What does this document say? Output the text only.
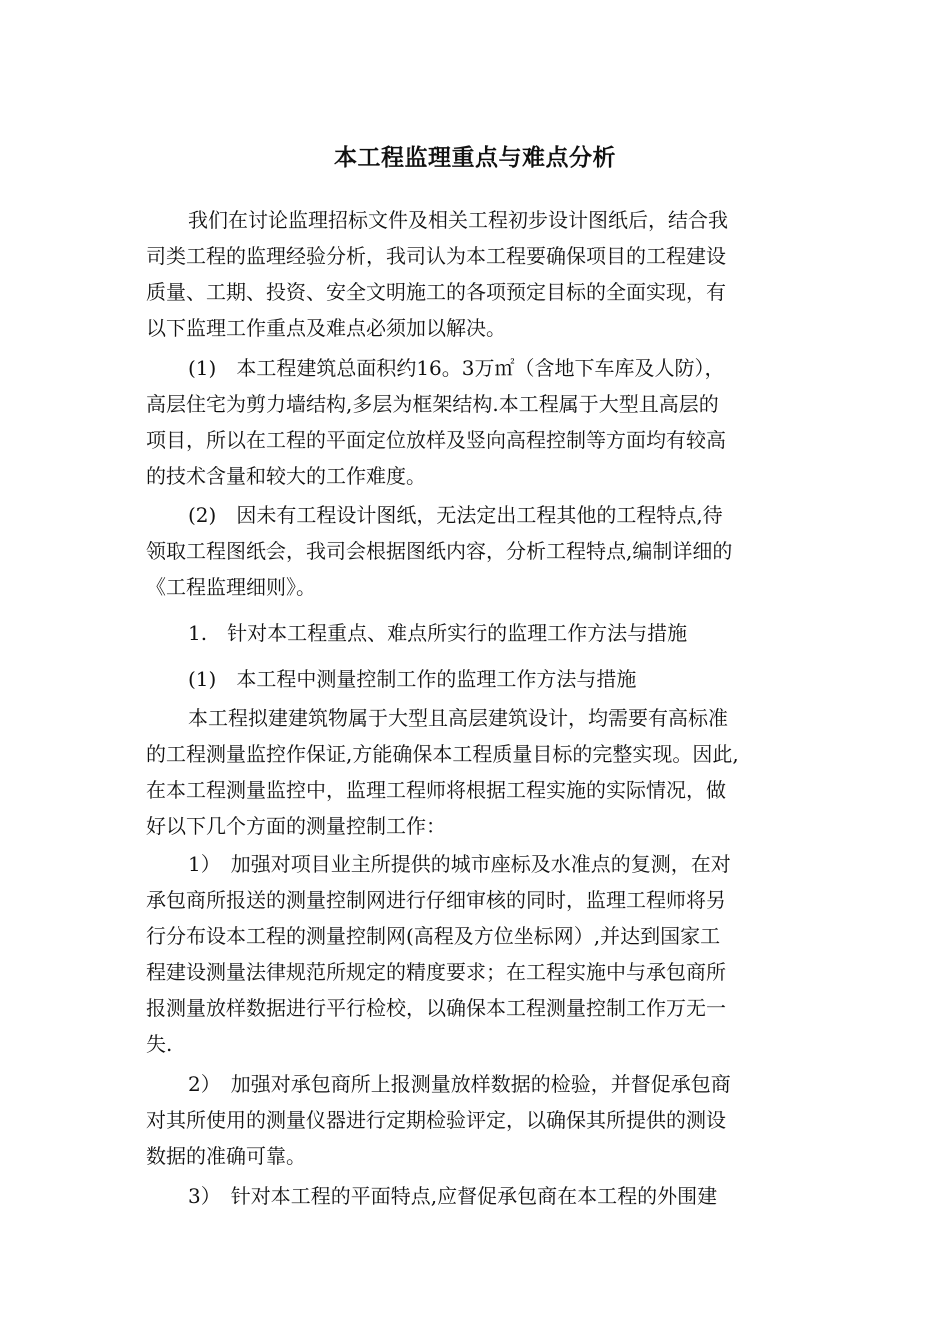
本工程监理重点与难点分析

我们在讨论监理招标文件及相关工程初步设计图纸后，结合我

司类工程的监理经验分析，我司认为本工程要确保项目的工程建设

质量、工期、投资、安全文明施工的各项预定目标的全面实现，有

以下监理工作重点及难点必须加以解决。

(1)　本工程建筑总面积约16。3万㎡（含地下车库及人防），

高层住宅为剪力墙结构,多层为框架结构.本工程属于大型且高层的

项目，所以在工程的平面定位放样及竖向高程控制等方面均有较高

的技术含量和较大的工作难度。

(2)　因未有工程设计图纸，无法定出工程其他的工程特点,待

领取工程图纸会，我司会根据图纸内容，分析工程特点,编制详细的

《工程监理细则》。

1.　针对本工程重点、难点所实行的监理工作方法与措施

(1)　本工程中测量控制工作的监理工作方法与措施

本工程拟建建筑物属于大型且高层建筑设计，均需要有高标准

的工程测量监控作保证,方能确保本工程质量目标的完整实现。因此,

在本工程测量监控中，监理工程师将根据工程实施的实际情况，做

好以下几个方面的测量控制工作：

1）　加强对项目业主所提供的城市座标及水准点的复测，在对

承包商所报送的测量控制网进行仔细审核的同时，监理工程师将另

行分布设本工程的测量控制网(高程及方位坐标网）,并达到国家工

程建设测量法律规范所规定的精度要求；在工程实施中与承包商所

报测量放样数据进行平行检校，以确保本工程测量控制工作万无一

失.

2）　加强对承包商所上报测量放样数据的检验，并督促承包商

对其所使用的测量仪器进行定期检验评定，以确保其所提供的测设

数据的准确可靠。

3）　针对本工程的平面特点,应督促承包商在本工程的外围建
